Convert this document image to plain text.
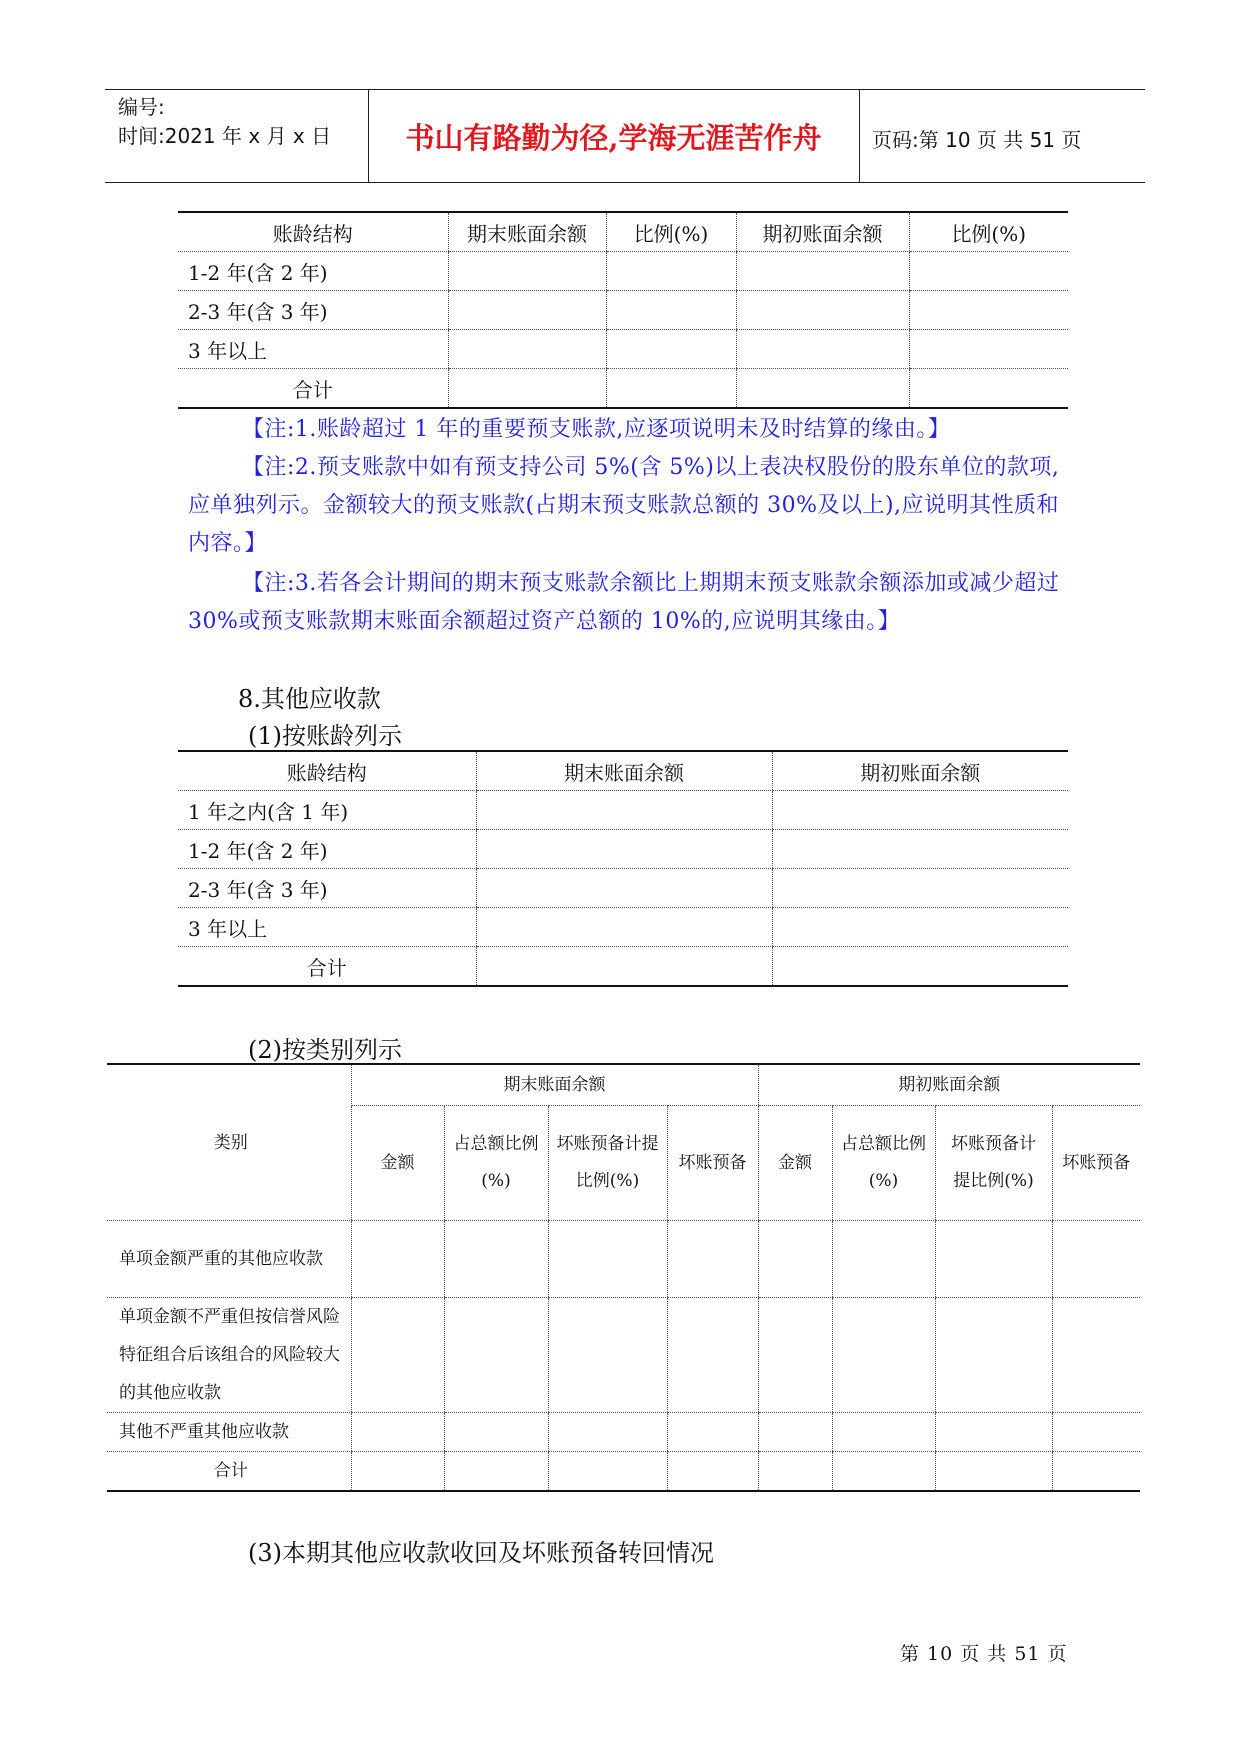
编号:
时间:2021 年 x 月 x 日	书山有路勤为径,学海无涯苦作舟	页码:第 10 页 共 51 页
账龄结构	期末账面余额	比例(%)	期初账面余额	比例(%)
1-2 年(含 2 年)				
2-3 年(含 3 年)				
3 年以上				
合计				
【注:1.账龄超过 1 年的重要预支账款,应逐项说明未及时结算的缘由。】
【注:2.预支账款中如有预支持公司 5%(含 5%)以上表决权股份的股东单位的款项,应单独列示。金额较大的预支账款(占期末预支账款总额的 30%及以上),应说明其性质和内容。】
【注:3.若各会计期间的期末预支账款余额比上期期末预支账款余额添加或减少超过 30%或预支账款期末账面余额超过资产总额的 10%的,应说明其缘由。】
8.其他应收款
(1)按账龄列示
账龄结构	期末账面余额	期初账面余额
1 年之内(含 1 年)		
1-2 年(含 2 年)		
2-3 年(含 3 年)		
3 年以上		
合计		
(2)按类别列示
类别	期末账面余额				期初账面余额			
	金额	占总额比例(%)	坏账预备计提比例(%)	坏账预备	金额	占总额比例(%)	坏账预备计提比例(%)	坏账预备
单项金额严重的其他应收款								
单项金额不严重但按信誉风险特征组合后该组合的风险较大的其他应收款								
其他不严重其他应收款								
合计								
(3)本期其他应收款收回及坏账预备转回情况
第 10 页 共 51 页
